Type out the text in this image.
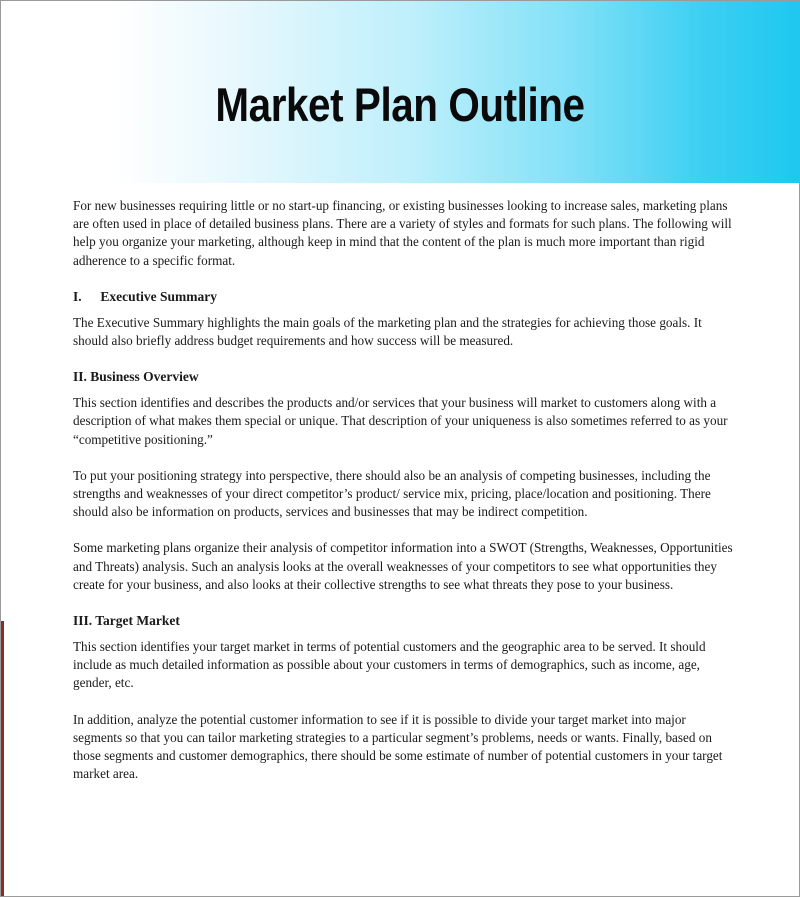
Market Plan Outline

For new businesses requiring little or no start-up financing, or existing businesses looking to increase sales, marketing plans are often used in place of detailed business plans. There are a variety of styles and formats for such plans. The following will help you organize your marketing, although keep in mind that the content of the plan is much more important than rigid adherence to a specific format.

I. Executive Summary

The Executive Summary highlights the main goals of the marketing plan and the strategies for achieving those goals. It should also briefly address budget requirements and how success will be measured.

II. Business Overview

This section identifies and describes the products and/or services that your business will market to customers along with a description of what makes them special or unique. That description of your uniqueness is also sometimes referred to as your “competitive positioning.”

To put your positioning strategy into perspective, there should also be an analysis of competing businesses, including the strengths and weaknesses of your direct competitor’s product/ service mix, pricing, place/location and positioning. There should also be information on products, services and businesses that may be indirect competition.

Some marketing plans organize their analysis of competitor information into a SWOT (Strengths, Weaknesses, Opportunities and Threats) analysis. Such an analysis looks at the overall weaknesses of your competitors to see what opportunities they create for your business, and also looks at their collective strengths to see what threats they pose to your business.

III. Target Market

This section identifies your target market in terms of potential customers and the geographic area to be served. It should include as much detailed information as possible about your customers in terms of demographics, such as income, age, gender, etc.

In addition, analyze the potential customer information to see if it is possible to divide your target market into major segments so that you can tailor marketing strategies to a particular segment’s problems, needs or wants. Finally, based on those segments and customer demographics, there should be some estimate of number of potential customers in your target market area.
